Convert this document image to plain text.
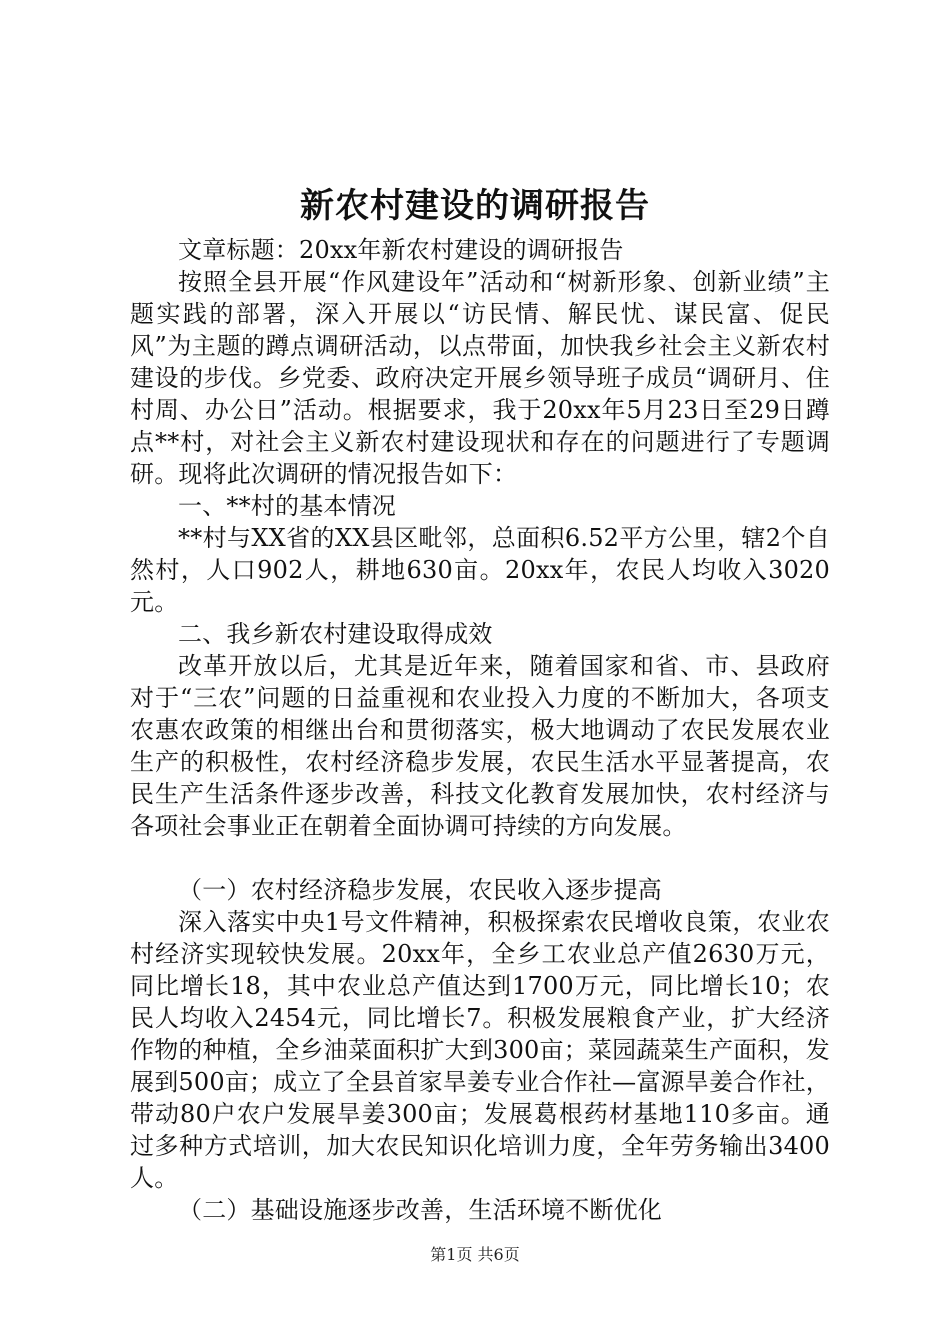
新农村建设的调研报告

文章标题：20xx年新农村建设的调研报告

按照全县开展“作风建设年”活动和“树新形象、创新业绩”主题实践的部署，深入开展以“访民情、解民忧、谋民富、促民风”为主题的蹲点调研活动，以点带面，加快我乡社会主义新农村建设的步伐。乡党委、政府决定开展乡领导班子成员“调研月、住村周、办公日”活动。根据要求，我于20xx年5月23日至29日蹲点**村，对社会主义新农村建设现状和存在的问题进行了专题调研。现将此次调研的情况报告如下：

一、**村的基本情况

**村与XX省的XX县区毗邻，总面积6.52平方公里，辖2个自然村，人口902人，耕地630亩。20xx年，农民人均收入3020元。

二、我乡新农村建设取得成效

改革开放以后，尤其是近年来，随着国家和省、市、县政府对于“三农”问题的日益重视和农业投入力度的不断加大，各项支农惠农政策的相继出台和贯彻落实，极大地调动了农民发展农业生产的积极性，农村经济稳步发展，农民生活水平显著提高，农民生产生活条件逐步改善，科技文化教育发展加快，农村经济与各项社会事业正在朝着全面协调可持续的方向发展。

（一）农村经济稳步发展，农民收入逐步提高

深入落实中央1号文件精神，积极探索农民增收良策，农业农村经济实现较快发展。20xx年，全乡工农业总产值2630万元，同比增长18，其中农业总产值达到1700万元，同比增长10；农民人均收入2454元，同比增长7。积极发展粮食产业，扩大经济作物的种植，全乡油菜面积扩大到300亩；菜园蔬菜生产面积，发展到500亩；成立了全县首家旱姜专业合作社—富源旱姜合作社，带动80户农户发展旱姜300亩；发展葛根药材基地110多亩。通过多种方式培训，加大农民知识化培训力度，全年劳务输出3400人。

（二）基础设施逐步改善，生活环境不断优化

第1页 共6页
